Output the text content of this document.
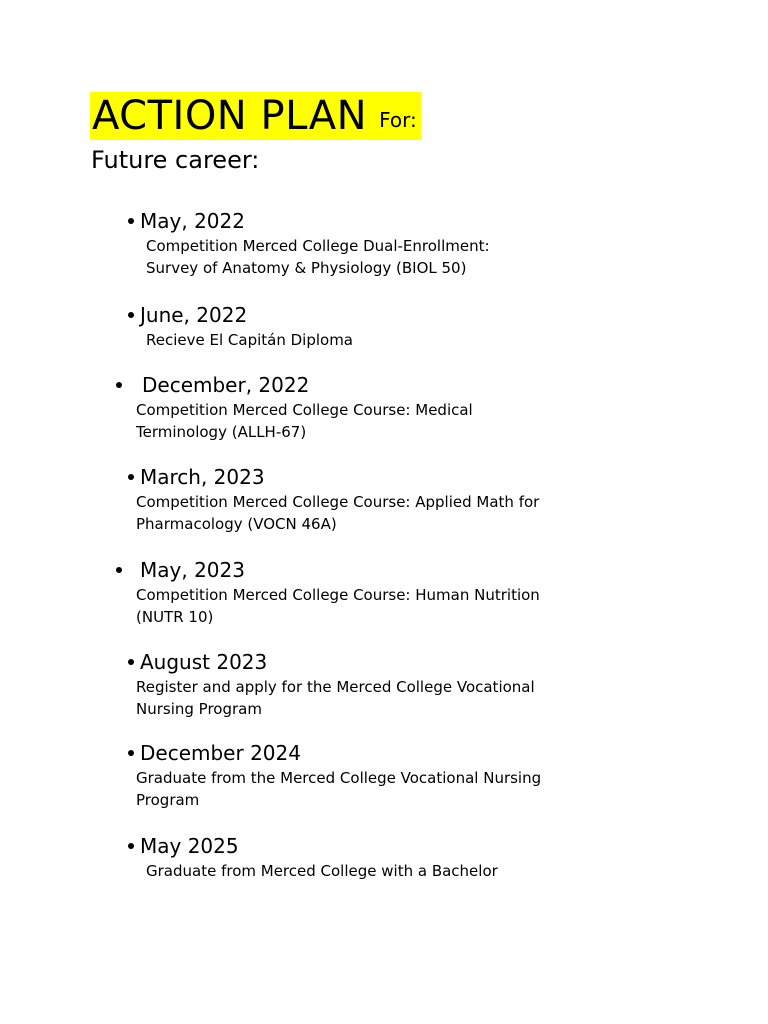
ACTION PLAN For:
Future career:
May, 2022
Competition Merced College Dual-Enrollment:
Survey of Anatomy & Physiology (BIOL 50)
June, 2022
Recieve El Capitán Diploma
December, 2022
Competition Merced College Course: Medical
Terminology (ALLH-67)
March, 2023
Competition Merced College Course: Applied Math for
Pharmacology (VOCN 46A)
May, 2023
Competition Merced College Course: Human Nutrition
(NUTR 10)
August 2023
Register and apply for the Merced College Vocational
Nursing Program
December 2024
Graduate from the Merced College Vocational Nursing
Program
May 2025
Graduate from Merced College with a Bachelor
